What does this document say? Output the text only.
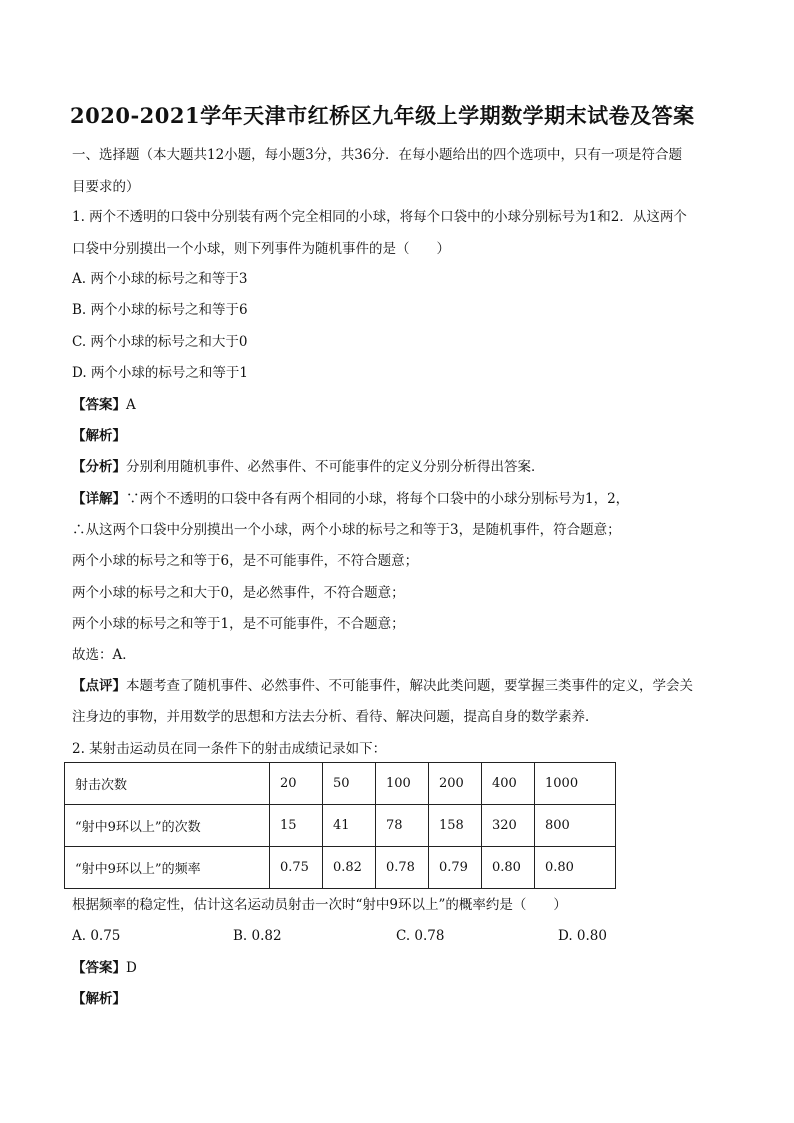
2020-2021学年天津市红桥区九年级上学期数学期末试卷及答案
一、选择题（本大题共12小题，每小题3分，共36分．在每小题给出的四个选项中，只有一项是符合题
目要求的）
1. 两个不透明的口袋中分别装有两个完全相同的小球，将每个口袋中的小球分别标号为1和2．从这两个
口袋中分别摸出一个小球，则下列事件为随机事件的是（　　）
A. 两个小球的标号之和等于3
B. 两个小球的标号之和等于6
C. 两个小球的标号之和大于0
D. 两个小球的标号之和等于1
【答案】A
【解析】
【分析】分别利用随机事件、必然事件、不可能事件的定义分别分析得出答案．
【详解】∵两个不透明的口袋中各有两个相同的小球，将每个口袋中的小球分别标号为1，2，
∴从这两个口袋中分别摸出一个小球，两个小球的标号之和等于3，是随机事件，符合题意；
两个小球的标号之和等于6，是不可能事件，不符合题意；
两个小球的标号之和大于0，是必然事件，不符合题意；
两个小球的标号之和等于1，是不可能事件，不合题意；
故选：A．
【点评】本题考查了随机事件、必然事件、不可能事件，解决此类问题，要掌握三类事件的定义，学会关
注身边的事物，并用数学的思想和方法去分析、看待、解决问题，提高自身的数学素养．
2. 某射击运动员在同一条件下的射击成绩记录如下：
射击次数	20	50	100	200	400	1000
“射中9环以上”的次数	15	41	78	158	320	800
“射中9环以上”的频率	0.75	0.82	0.78	0.79	0.80	0.80
根据频率的稳定性，估计这名运动员射击一次时“射中9环以上”的概率约是（　　）
A. 0.75	B. 0.82	C. 0.78	D. 0.80
【答案】D
【解析】
